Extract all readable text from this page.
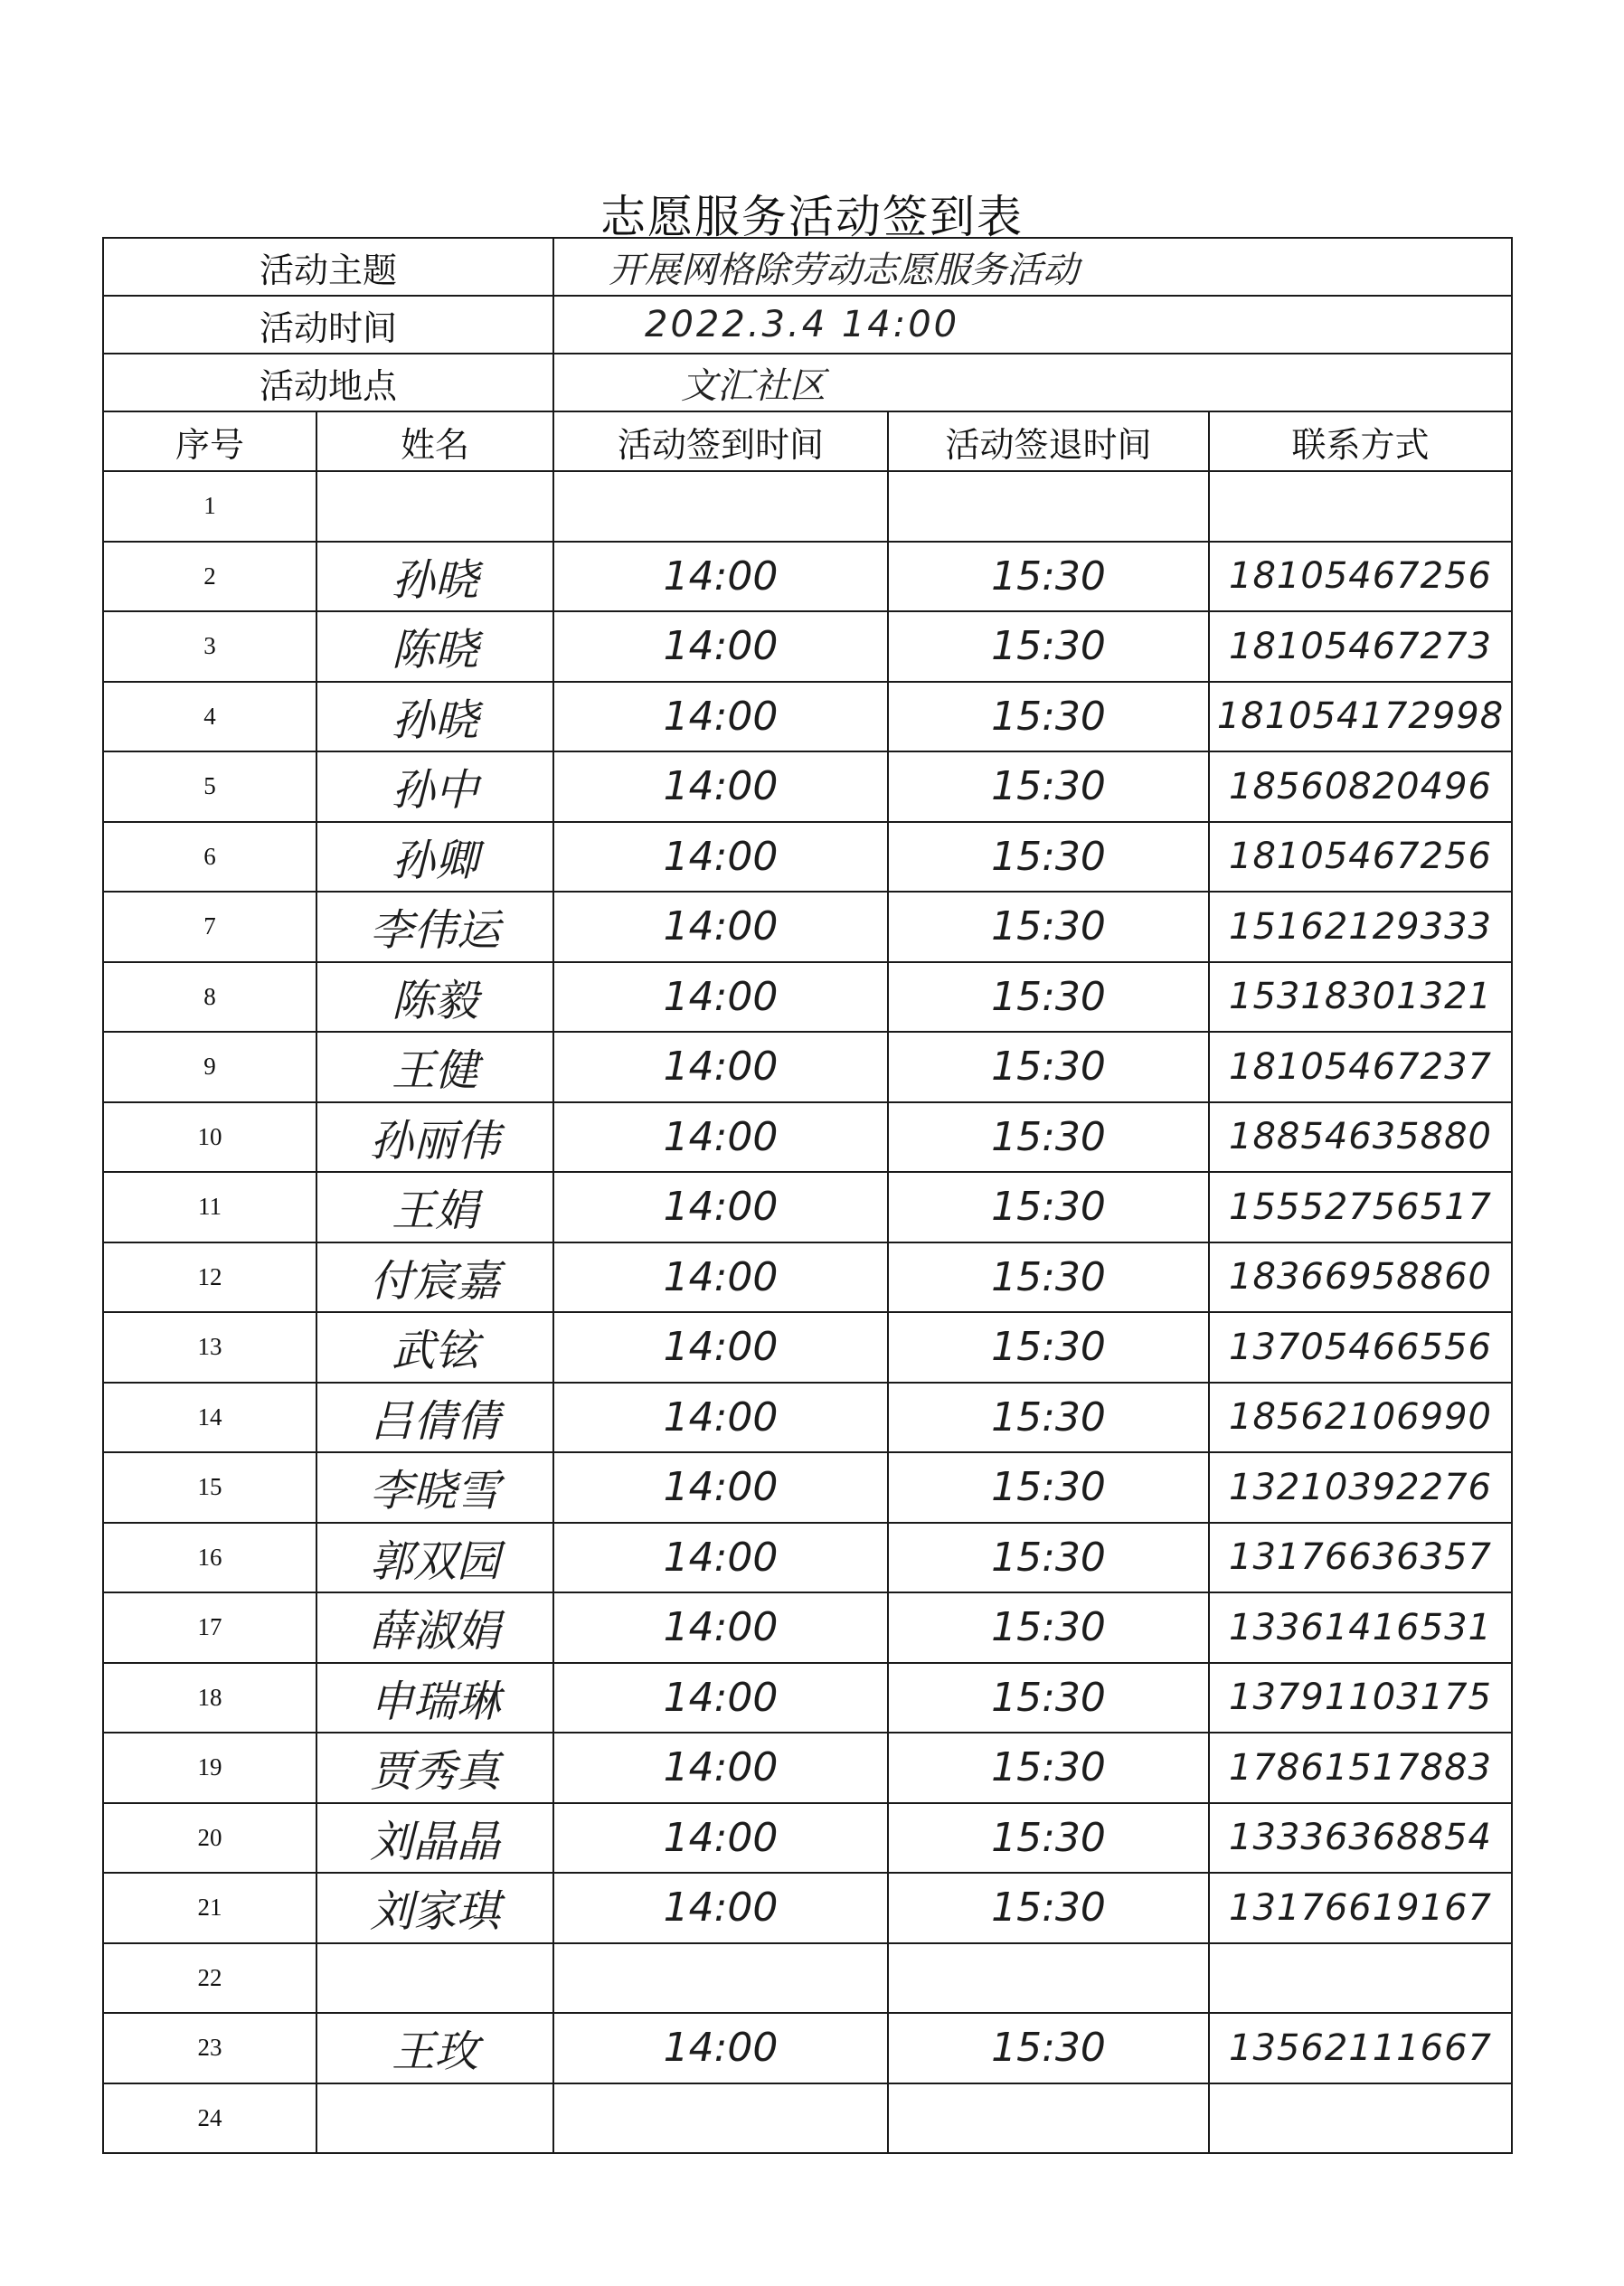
志愿服务活动签到表
活动主题		开展网格除劳动志愿服务活动		
活动时间		2022.3.4 14:00		
活动地点		文汇社区		
序号	姓名	活动签到时间	活动签退时间	联系方式
1				
2	孙晓	14:00	15:30	18105467256
3	陈晓	14:00	15:30	18105467273
4	孙晓	14:00	15:30	181054172998
5	孙中	14:00	15:30	18560820496
6	孙卿	14:00	15:30	18105467256
7	李伟运	14:00	15:30	15162129333
8	陈毅	14:00	15:30	15318301321
9	王健	14:00	15:30	18105467237
10	孙丽伟	14:00	15:30	18854635880
11	王娟	14:00	15:30	15552756517
12	付宸嘉	14:00	15:30	18366958860
13	武铉	14:00	15:30	13705466556
14	吕倩倩	14:00	15:30	18562106990
15	李晓雪	14:00	15:30	13210392276
16	郭双园	14:00	15:30	13176636357
17	薛淑娟	14:00	15:30	13361416531
18	申瑞琳	14:00	15:30	13791103175
19	贾秀真	14:00	15:30	17861517883
20	刘晶晶	14:00	15:30	13336368854
21	刘家琪	14:00	15:30	13176619167
22				
23	王玫	14:00	15:30	13562111667
24				
